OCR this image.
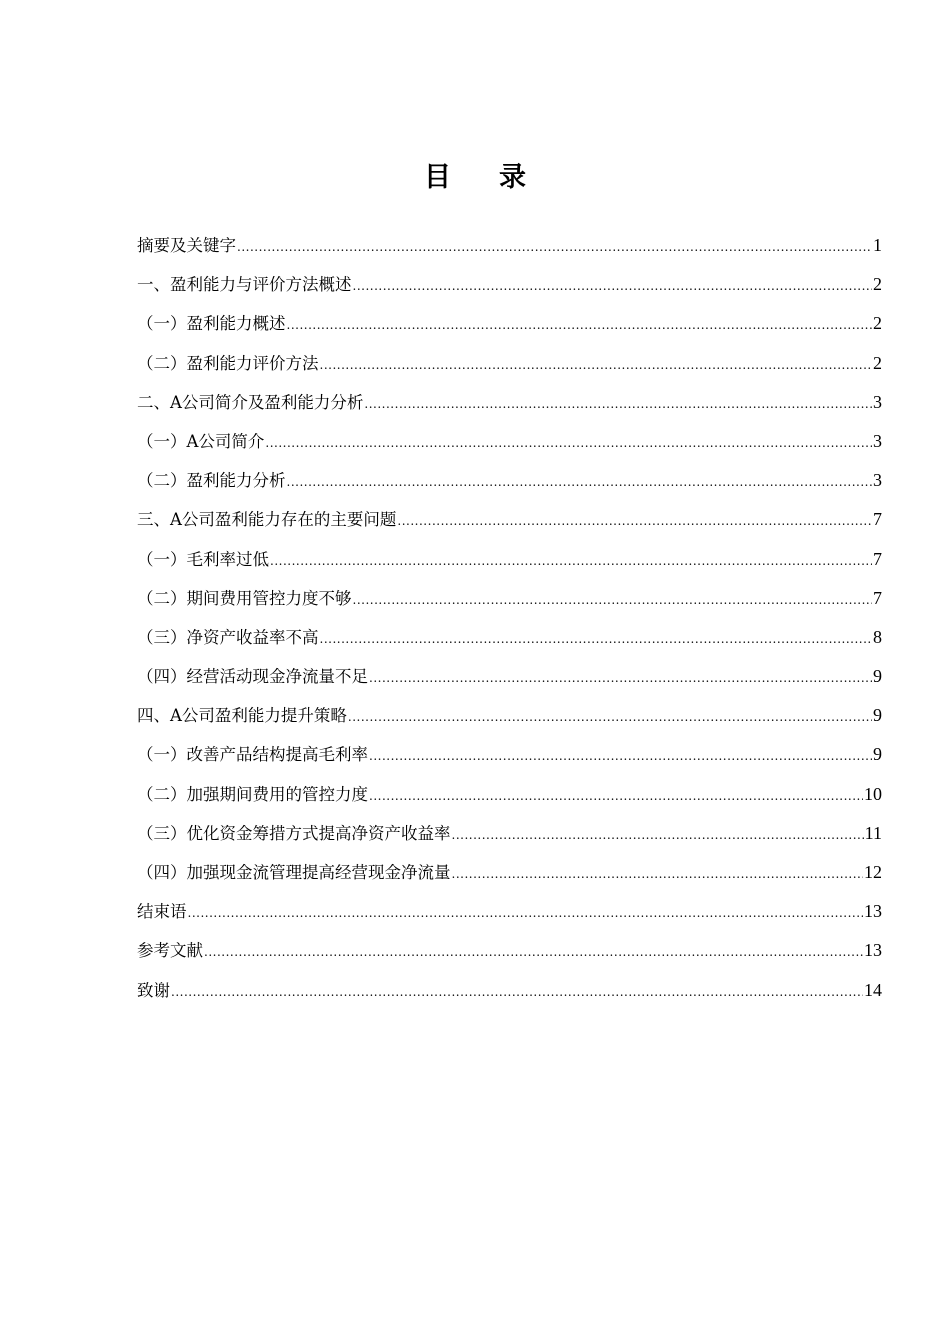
目 录
摘要及关键字 .....	1
一、盈利能力与评价方法概述 .....	2
（一）盈利能力概述 .....	2
（二）盈利能力评价方法 .....	2
二、A公司简介及盈利能力分析 .....	3
（一）A公司简介 .....	3
（二）盈利能力分析 .....	3
三、A公司盈利能力存在的主要问题 .....	7
（一）毛利率过低 .....	7
（二）期间费用管控力度不够 .....	7
（三）净资产收益率不高 .....	8
（四）经营活动现金净流量不足 .....	9
四、A公司盈利能力提升策略 .....	9
（一）改善产品结构提高毛利率 .....	9
（二）加强期间费用的管控力度 .....	10
（三）优化资金筹措方式提高净资产收益率 .....	11
（四）加强现金流管理提高经营现金净流量 .....	12
结束语 .....	13
参考文献 .....	13
致谢 .....	14
